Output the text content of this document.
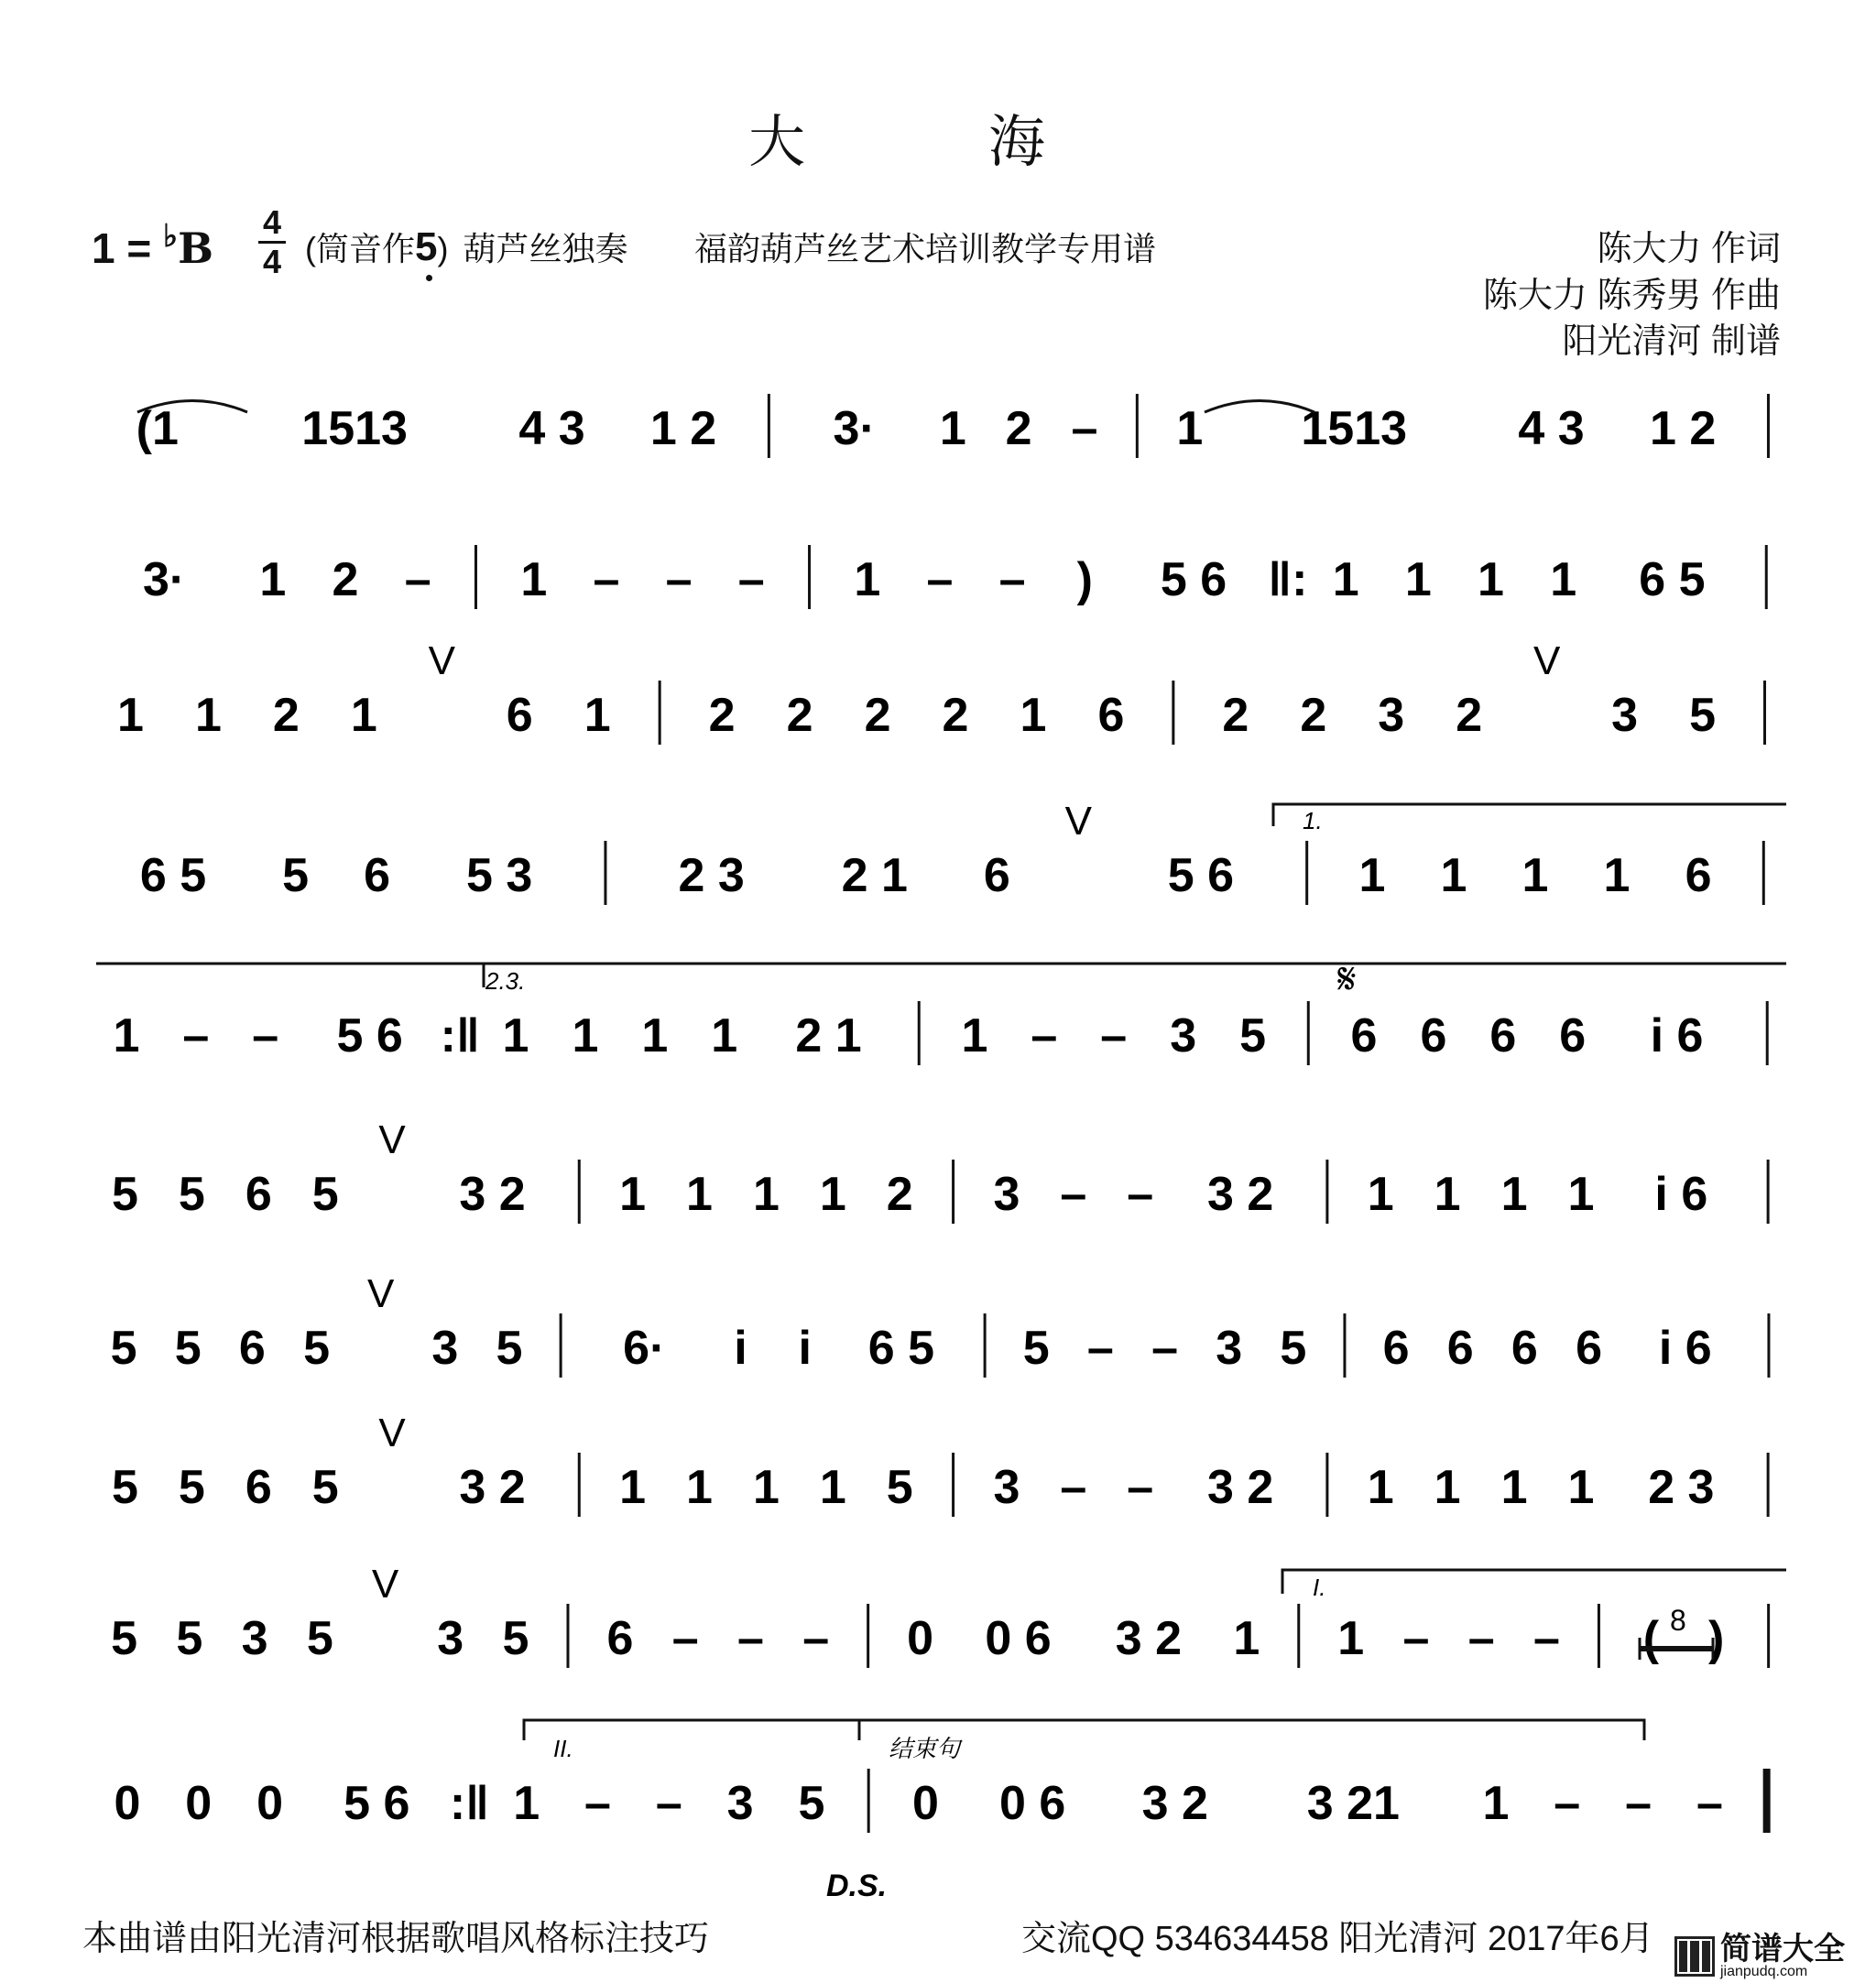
大 海
1 = ♭B
4
4 (筒音作5) 葫芦丝独奏 福韵葫芦丝艺术培训教学专用谱	陈大力 作词
陈大力 陈秀男 作曲
阳光清河 制谱
(1	1513 4 3 1 2 3· 1 2 – 1 1513 4 3 1 2
3· 1 2 – 1 – – – 1 – – ) 5 6 ‖: 1 1 1 1 6 5
1 1 2 1
V
6 1 2 2 2 2 1 6 2 2 3 2
V
3 5
6 5 5 6 5 3	2 3 2 1 6
V
5 6	1 1 1 1 6
1 – – 5 6 :‖ 1 1 1 1 2 1 1 – – 3 5 6 6 6 6 i 6
5 5 6 5
V
3 2 1 1 1 1 2 3 – – 3 2 1 1 1 1 i 6
5 5 6 5
V
3 5 6· i i 6 5 5 – – 3 5 6 6 6 6 i 6
5 5 6 5
V
3 2 1 1 1 1 5 3 – – 3 2 1 1 1 1 2 3
5 5 3 5
V
3 5 6 – – – 0 0 6 3 2 1 1 – – – ( )
0 0 0 5 6 :‖ 1 – – 3 5 0 0 6 3 2 3 21 1 – – –
1.
2.3.
I.
II.	结束句
𝄋
8
D.S.
本曲谱由阳光清河根据歌唱风格标注技巧	交流QQ 534634458 阳光清河 2017年6月 简谱大全
jianpudq.com
